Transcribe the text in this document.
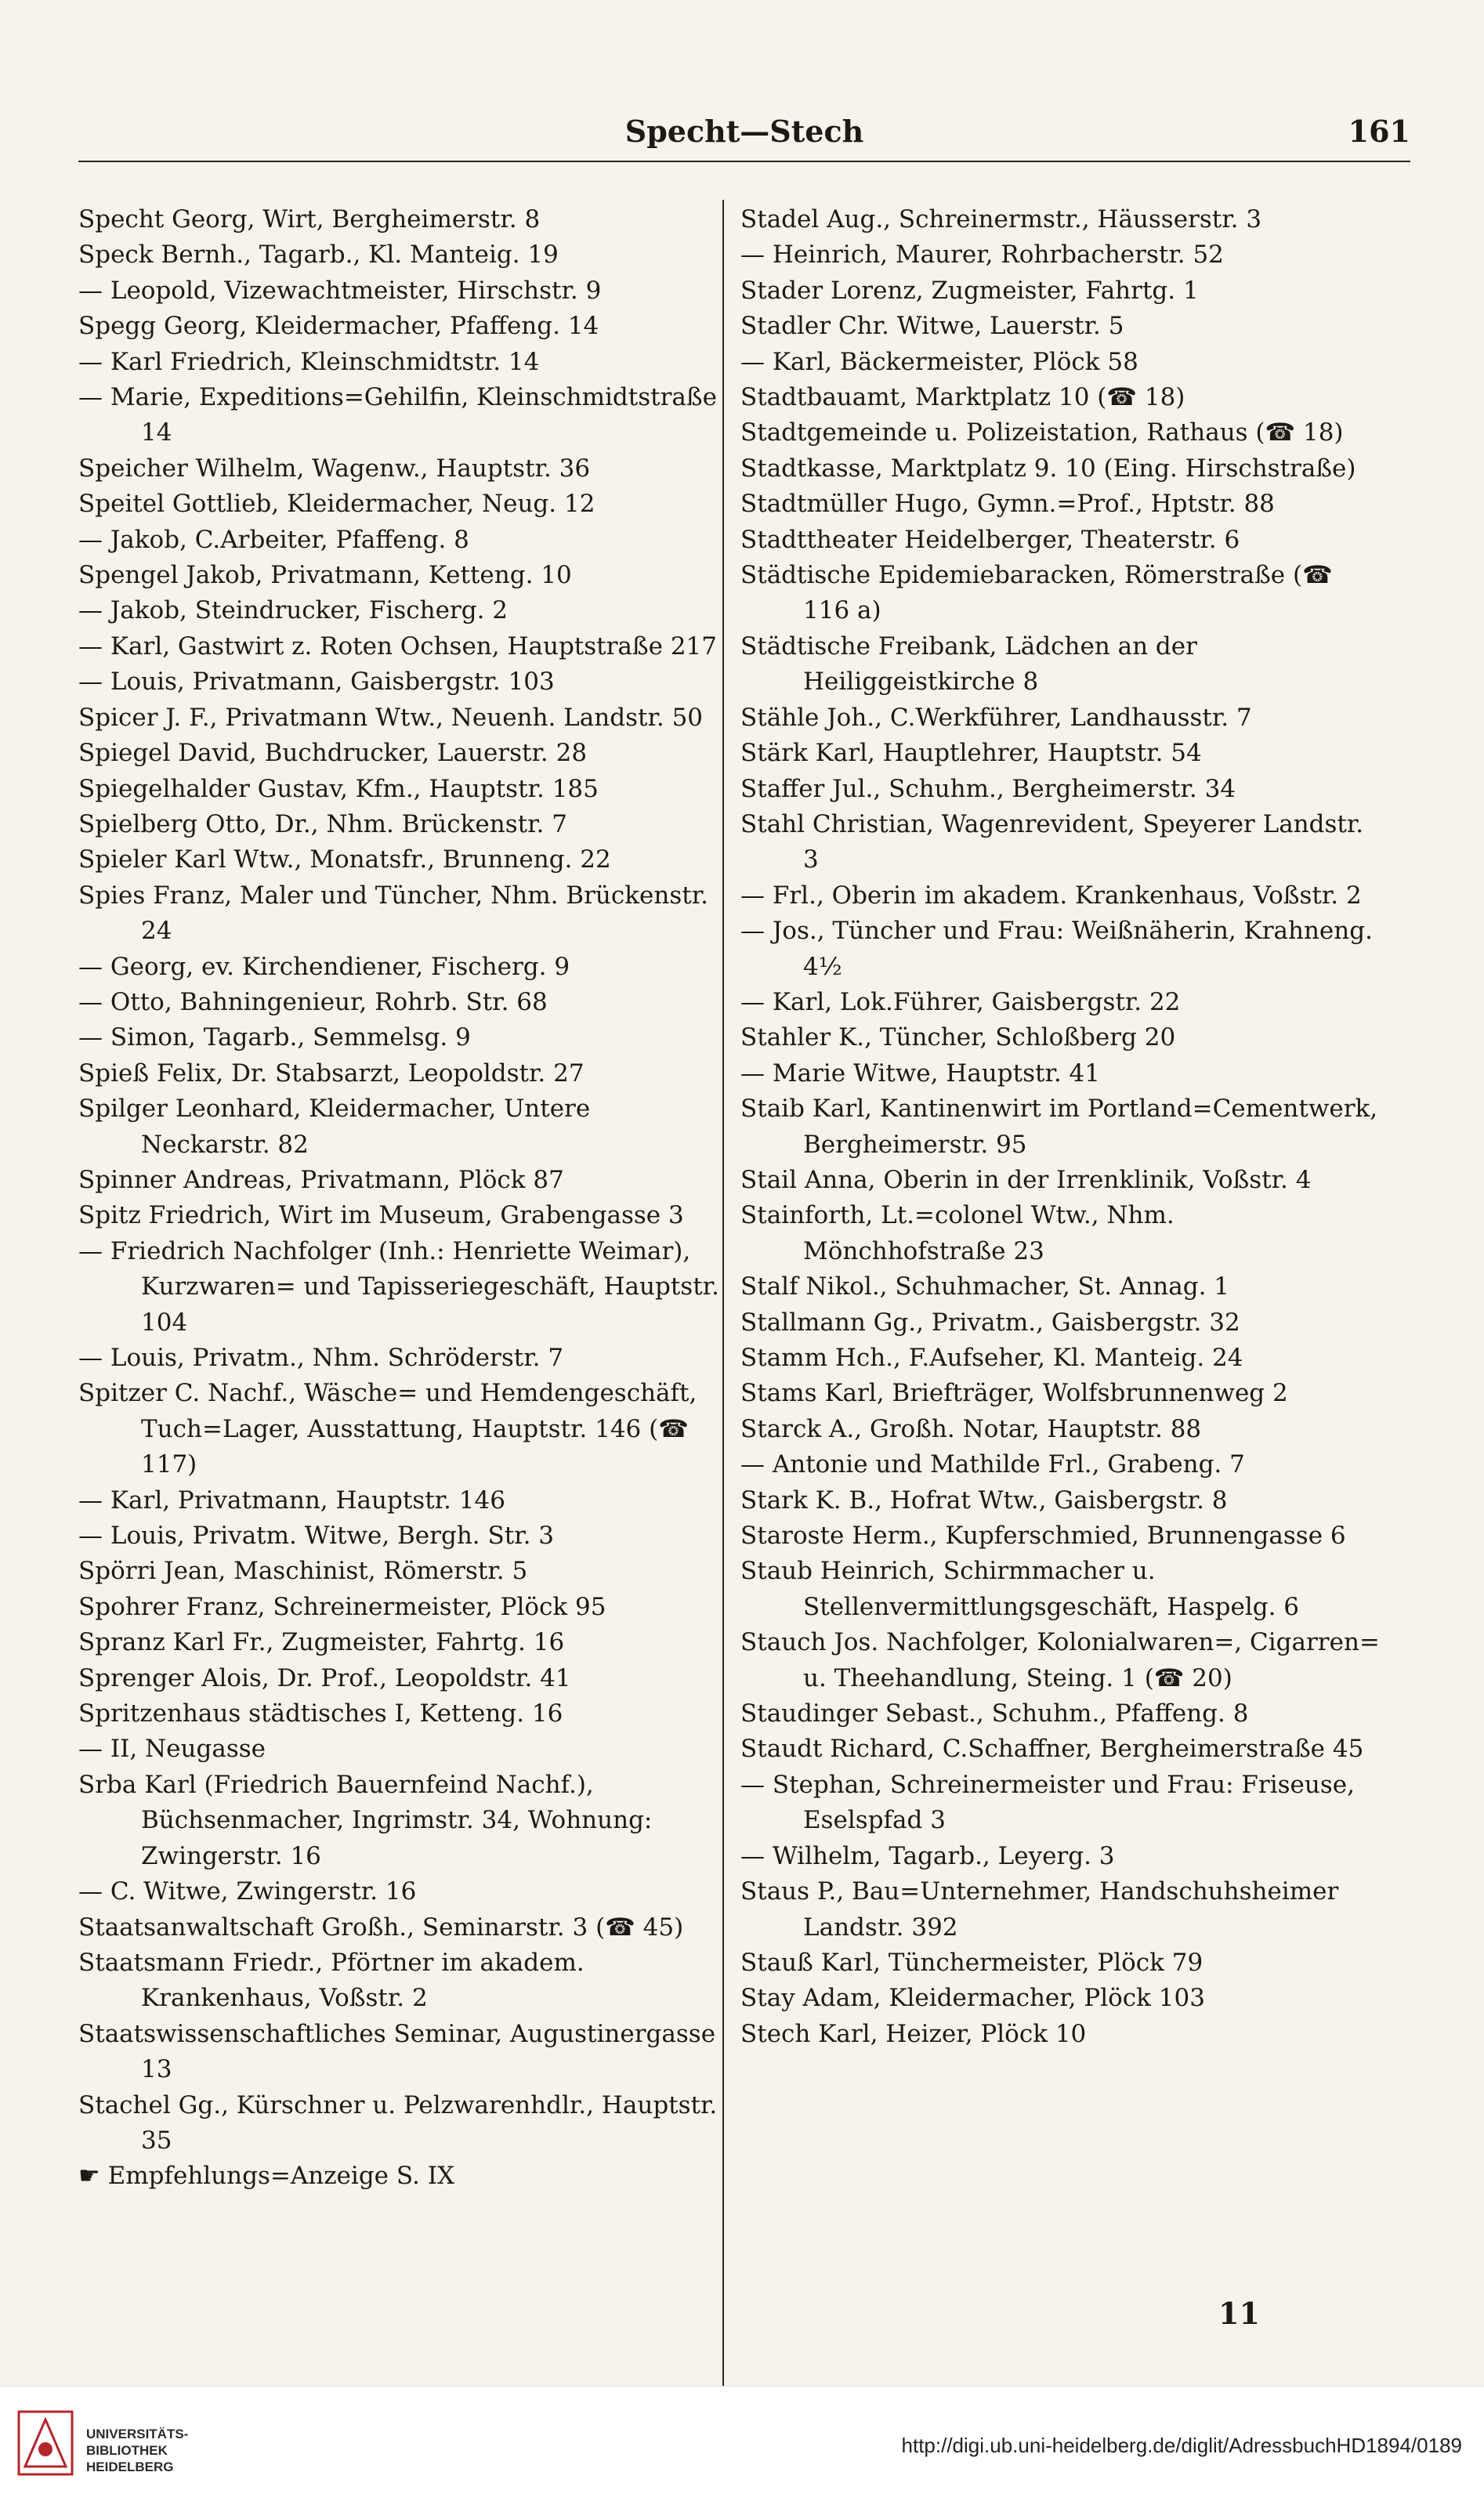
Specht—Stech	161
Specht Georg, Wirt, Bergheimerstr. 8
Speck Bernh., Tagarb., Kl. Manteig. 19
— Leopold, Vizewachtmeister, Hirschstr. 9
Spegg Georg, Kleidermacher, Pfaffeng. 14
— Karl Friedrich, Kleinschmidtstr. 14
— Marie, Expeditions=Gehilfin, Kleinschmidtstraße 14
Speicher Wilhelm, Wagenw., Hauptstr. 36
Speitel Gottlieb, Kleidermacher, Neug. 12
— Jakob, C.Arbeiter, Pfaffeng. 8
Spengel Jakob, Privatmann, Ketteng. 10
— Jakob, Steindrucker, Fischerg. 2
— Karl, Gastwirt z. Roten Ochsen, Hauptstraße 217
— Louis, Privatmann, Gaisbergstr. 103
Spicer J. F., Privatmann Wtw., Neuenh. Landstr. 50
Spiegel David, Buchdrucker, Lauerstr. 28
Spiegelhalder Gustav, Kfm., Hauptstr. 185
Spielberg Otto, Dr., Nhm. Brückenstr. 7
Spieler Karl Wtw., Monatsfr., Brunneng. 22
Spies Franz, Maler und Tüncher, Nhm. Brückenstr. 24
— Georg, ev. Kirchendiener, Fischerg. 9
— Otto, Bahningenieur, Rohrb. Str. 68
— Simon, Tagarb., Semmelsg. 9
Spieß Felix, Dr. Stabsarzt, Leopoldstr. 27
Spilger Leonhard, Kleidermacher, Untere Neckarstr. 82
Spinner Andreas, Privatmann, Plöck 87
Spitz Friedrich, Wirt im Museum, Grabengasse 3
— Friedrich Nachfolger (Inh.: Henriette Weimar), Kurzwaren= und Tapisseriegeschäft, Hauptstr. 104
— Louis, Privatm., Nhm. Schröderstr. 7
Spitzer C. Nachf., Wäsche= und Hemdengeschäft, Tuch=Lager, Ausstattung, Hauptstr. 146 (☎ 117)
— Karl, Privatmann, Hauptstr. 146
— Louis, Privatm. Witwe, Bergh. Str. 3
Spörri Jean, Maschinist, Römerstr. 5
Spohrer Franz, Schreinermeister, Plöck 95
Spranz Karl Fr., Zugmeister, Fahrtg. 16
Sprenger Alois, Dr. Prof., Leopoldstr. 41
Spritzenhaus städtisches I, Ketteng. 16
— II, Neugasse
Srba Karl (Friedrich Bauernfeind Nachf.), Büchsenmacher, Ingrimstr. 34, Wohnung: Zwingerstr. 16
— C. Witwe, Zwingerstr. 16
Staatsanwaltschaft Großh., Seminarstr. 3 (☎ 45)
Staatsmann Friedr., Pförtner im akadem. Krankenhaus, Voßstr. 2
Staatswissenschaftliches Seminar, Augustinergasse 13
Stachel Gg., Kürschner u. Pelzwarenhdlr., Hauptstr. 35
☛ Empfehlungs=Anzeige S. IX
Stadel Aug., Schreinermstr., Häusserstr. 3
— Heinrich, Maurer, Rohrbacherstr. 52
Stader Lorenz, Zugmeister, Fahrtg. 1
Stadler Chr. Witwe, Lauerstr. 5
— Karl, Bäckermeister, Plöck 58
Stadtbauamt, Marktplatz 10 (☎ 18)
Stadtgemeinde u. Polizeistation, Rathaus (☎ 18)
Stadtkasse, Marktplatz 9. 10 (Eing. Hirschstraße)
Stadtmüller Hugo, Gymn.=Prof., Hptstr. 88
Stadttheater Heidelberger, Theaterstr. 6
Städtische Epidemiebaracken, Römerstraße (☎ 116 a)
Städtische Freibank, Lädchen an der Heiliggeistkirche 8
Stähle Joh., C.Werkführer, Landhausstr. 7
Stärk Karl, Hauptlehrer, Hauptstr. 54
Staffer Jul., Schuhm., Bergheimerstr. 34
Stahl Christian, Wagenrevident, Speyerer Landstr. 3
— Frl., Oberin im akadem. Krankenhaus, Voßstr. 2
— Jos., Tüncher und Frau: Weißnäherin, Krahneng. 4½
— Karl, Lok.Führer, Gaisbergstr. 22
Stahler K., Tüncher, Schloßberg 20
— Marie Witwe, Hauptstr. 41
Staib Karl, Kantinenwirt im Portland=Cementwerk, Bergheimerstr. 95
Stail Anna, Oberin in der Irrenklinik, Voßstr. 4
Stainforth, Lt.=colonel Wtw., Nhm. Mönchhofstraße 23
Stalf Nikol., Schuhmacher, St. Annag. 1
Stallmann Gg., Privatm., Gaisbergstr. 32
Stamm Hch., F.Aufseher, Kl. Manteig. 24
Stams Karl, Briefträger, Wolfsbrunnenweg 2
Starck A., Großh. Notar, Hauptstr. 88
— Antonie und Mathilde Frl., Grabeng. 7
Stark K. B., Hofrat Wtw., Gaisbergstr. 8
Staroste Herm., Kupferschmied, Brunnengasse 6
Staub Heinrich, Schirmmacher u. Stellenvermittlungsgeschäft, Haspelg. 6
Stauch Jos. Nachfolger, Kolonialwaren=, Cigarren= u. Theehandlung, Steing. 1 (☎ 20)
Staudinger Sebast., Schuhm., Pfaffeng. 8
Staudt Richard, C.Schaffner, Bergheimerstraße 45
— Stephan, Schreinermeister und Frau: Friseuse, Eselspfad 3
— Wilhelm, Tagarb., Leyerg. 3
Staus P., Bau=Unternehmer, Handschuhsheimer Landstr. 392
Stauß Karl, Tünchermeister, Plöck 79
Stay Adam, Kleidermacher, Plöck 103
Stech Karl, Heizer, Plöck 10
11
UNIVERSITÄTS-
BIBLIOTHEK
HEIDELBERG
http://digi.ub.uni-heidelberg.de/diglit/AdressbuchHD1894/0189
